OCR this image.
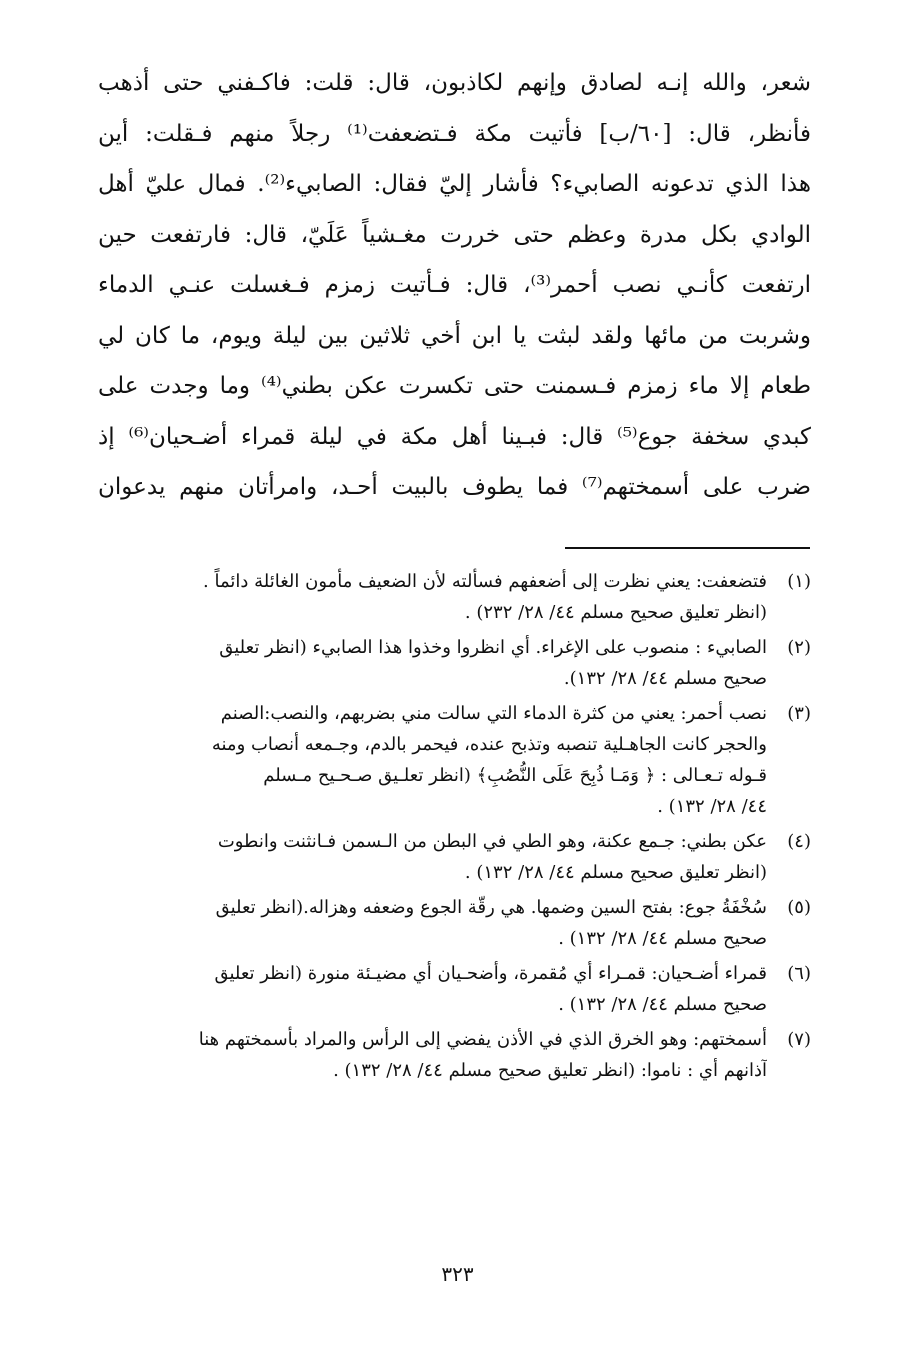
شعر، والله إنـه لصادق وإنهم لكاذبون، قال: قلت: فاكـفني حتى أذهب

فأنظر، قال: [٦٠/ب] فأتيت مكة فـتضعفت⁽¹⁾ رجلاً منهم فـقلت: أين

هذا الذي تدعونه الصابيء؟ فأشار إليّ فقال: الصابيء⁽²⁾. فمال عليّ أهل

الوادي بكل مدرة وعظم حتى خررت مغـشياً عَلَيّ، قال: فارتفعت حين

ارتفعت كأنـي نصب أحمر⁽³⁾، قال: فـأتيت زمزم فـغسلت عنـي الدماء

وشربت من مائها ولقد لبثت يا ابن أخي ثلاثين بين ليلة ويوم، ما كان لي

طعام إلا ماء زمزم فـسمنت حتى تكسرت عكن بطني⁽⁴⁾ وما وجدت على

كبدي سخفة جوع⁽⁵⁾ قال: فبـينا أهل مكة في ليلة قمراء أضـحيان⁽⁶⁾ إذ

ضرب على أسمختهم⁽⁷⁾ فما يطوف بالبيت أحـد، وامرأتان منهم يدعوان

(١)
فتضعفت: يعني نظرت إلى أضعفهم فسألته لأن الضعيف مأمون الغائلة دائماً .
(انظر تعليق صحيح مسلم ٤٤/ ٢٨/ ٢٣٢) .
(٢)
الصابيء : منصوب على الإغراء. أي انظروا وخذوا هذا الصابيء (انظر تعليق
صحيح مسلم ٤٤/ ٢٨/ ١٣٢).
(٣)
نصب أحمر: يعني من كثرة الدماء التي سالت مني بضربهم، والنصب:الصنم
والحجر كانت الجاهـلية تنصبه وتذبح عنده، فيحمر بالدم، وجـمعه أنصاب ومنه
قـوله تـعـالى : ﴿ وَمَـا ذُبِحَ عَلَى النُّصُبِ﴾ (انظر تعلـيق صـحـيح مـسلم
٤٤/ ٢٨/ ١٣٢) .
(٤)
عكن بطني: جـمع عكنة، وهو الطي في البطن من الـسمن فـانثنت وانطوت
(انظر تعليق صحيح مسلم ٤٤/ ٢٨/ ١٣٢) .
(٥)
سُخْفَةُ جوع: بفتح السين وضمها. هي رقّة الجوع وضعفه وهزاله.(انظر تعليق
صحيح مسلم ٤٤/ ٢٨/ ١٣٢) .
(٦)
قمراء أضـحيان: قمـراء أي مُقمرة، وأضحـيان أي مضيـئة منورة (انظر تعليق
صحيح مسلم ٤٤/ ٢٨/ ١٣٢) .
(٧)
أسمختهم: وهو الخرق الذي في الأذن يفضي إلى الرأس والمراد بأسمختهم هنا
آذانهم أي : ناموا: (انظر تعليق صحيح مسلم ٤٤/ ٢٨/ ١٣٢) .
٣٢٣
